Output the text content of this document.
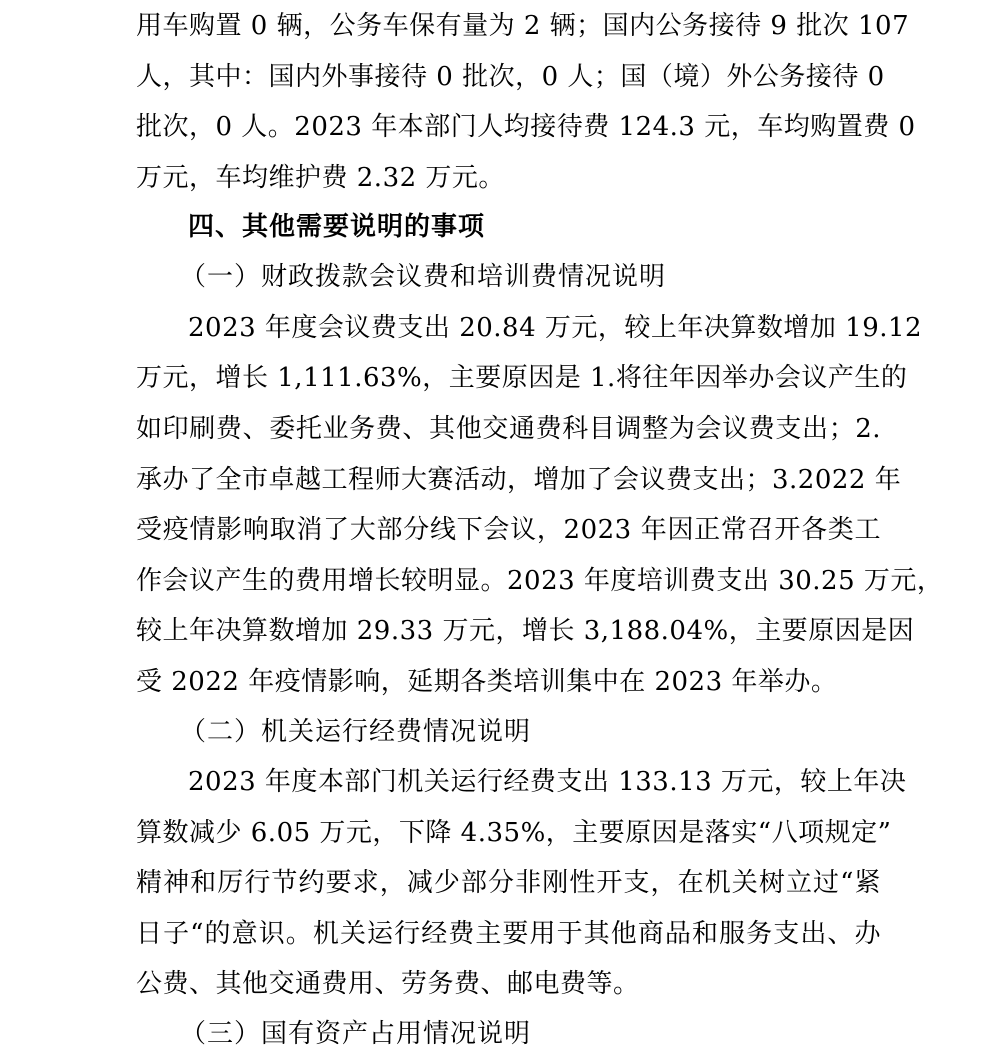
用车购置 0 辆，公务车保有量为 2 辆；国内公务接待 9 批次 107
人，其中：国内外事接待 0 批次，0 人；国（境）外公务接待 0
批次，0 人。2023 年本部门人均接待费 124.3 元，车均购置费 0
万元，车均维护费 2.32 万元。
四、其他需要说明的事项
（一）财政拨款会议费和培训费情况说明
2023 年度会议费支出 20.84 万元，较上年决算数增加 19.12
万元，增长 1,111.63%，主要原因是 1.将往年因举办会议产生的
如印刷费、委托业务费、其他交通费科目调整为会议费支出；2.
承办了全市卓越工程师大赛活动，增加了会议费支出；3.2022 年
受疫情影响取消了大部分线下会议，2023 年因正常召开各类工
作会议产生的费用增长较明显。2023 年度培训费支出 30.25 万元，
较上年决算数增加 29.33 万元，增长 3,188.04%，主要原因是因
受 2022 年疫情影响，延期各类培训集中在 2023 年举办。
（二）机关运行经费情况说明
2023 年度本部门机关运行经费支出 133.13 万元，较上年决
算数减少 6.05 万元，下降 4.35%，主要原因是落实“八项规定”
精神和厉行节约要求，减少部分非刚性开支，在机关树立过“紧
日子“的意识。机关运行经费主要用于其他商品和服务支出、办
公费、其他交通费用、劳务费、邮电费等。
（三）国有资产占用情况说明
